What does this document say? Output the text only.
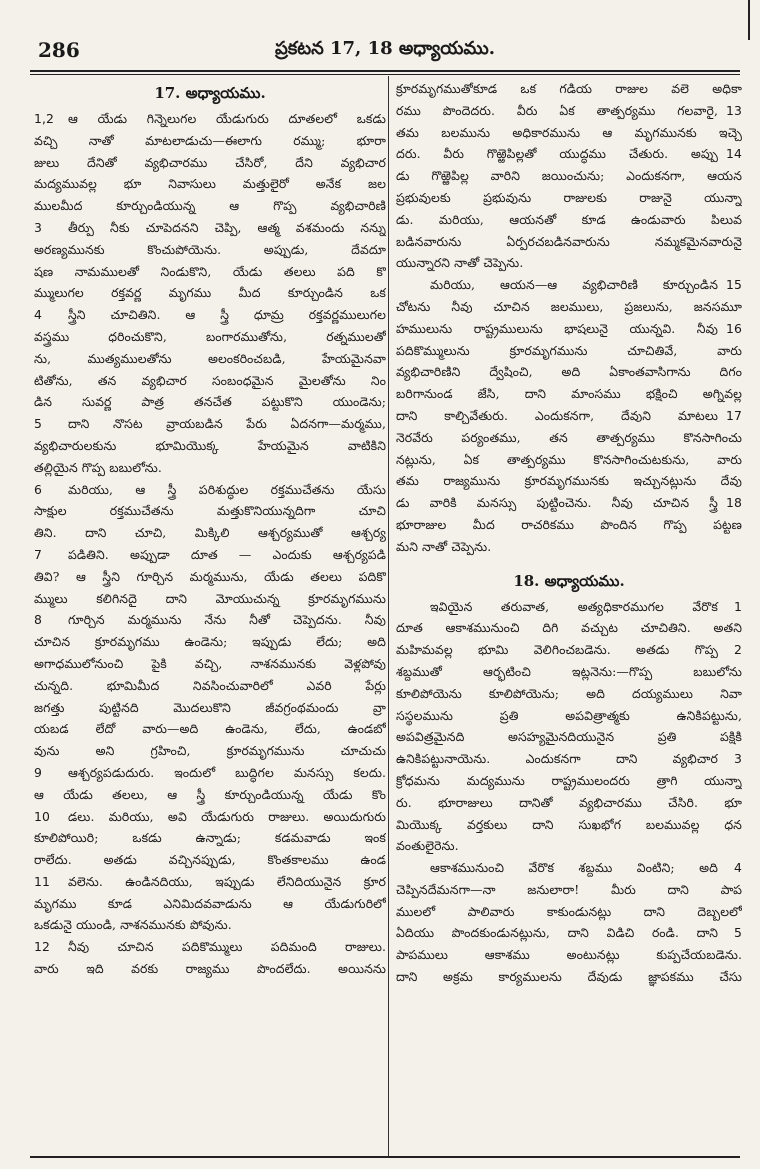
286	ప్రకటన 17, 18 అధ్యాయము.
17. అధ్యాయము.
1,2 ఆ యేడు గిన్నెలుగల యేడుగురు దూతలలో ఒకడు
వచ్చి నాతో మాటలాడుచు—ఈలాగు రమ్ము; భూరా
జులు దేనితో వ్యభిచారము చేసిరో, దేని వ్యభిచార
మద్యమువల్ల భూ నివాసులు మత్తులైరో అనేక జల
ములమీద కూర్చుండియున్న ఆ గొప్ప వ్యభిచారిణి
3 తీర్పు నీకు చూపెదనని చెప్పి, ఆత్మ వశమందు నన్ను
అరణ్యమునకు కొంచుపోయెను. అప్పుడు, దేవదూ
షణ నామములతో నిండుకొని, యేడు తలలు పది కొ
మ్ములుగల రక్తవర్ణ మృగము మీద కూర్చుండిన ఒక
4 స్త్రీని చూచితిని. ఆ స్త్రీ ధూమ్ర రక్తవర్ణములుగల
వస్త్రము ధరించుకొని, బంగారముతోను, రత్నములతో
ను, ముత్యములతోను అలంకరించబడి, హేయమైనవా
టితోను, తన వ్యభిచార సంబంధమైన మైలతోను నిం
డిన సువర్ణ పాత్ర తనచేత పట్టుకొని యుండెను;
5 దాని నొసట వ్రాయబడిన పేరు ఏదనగా—మర్మము,
వ్యభిచారులకును భూమియొక్క హేయమైన వాటికిని
తల్లియైన గొప్ప బబులోను.
6 మరియు, ఆ స్త్రీ పరిశుద్ధుల రక్తముచేతను యేసు
సాక్షుల రక్తముచేతను మత్తుకొనియున్నదిగా చూచి
తిని. దాని చూచి, మిక్కిలి ఆశ్చర్యముతో ఆశ్చర్య
7 పడితిని. అప్పుడా దూత — ఎందుకు ఆశ్చర్యపడి
తివి? ఆ స్త్రీని గూర్చిన మర్మమును, యేడు తలలు పదికొ
మ్ములు కలిగినదై దాని మోయుచున్న క్రూరమృగమును
8 గూర్చిన మర్మమును నేను నీతో చెప్పెదను. నీవు
చూచిన క్రూరమృగము ఉండెను; ఇప్పుడు లేదు; అది
అగాధములోనుంచి పైకి వచ్చి, నాశనమునకు వెళ్లపోవు
చున్నది. భూమిమీద నివసించువారిలో ఎవరి పేర్లు
జగత్తు పుట్టినది మొదలుకొని జీవగ్రంథమందు వ్రా
యబడ లేదో వారు—అది ఉండెను, లేదు, ఉండబో
వును అని గ్రహించి, క్రూరమృగమును చూచుచు
9 ఆశ్చర్యపడుదురు. ఇందులో బుద్ధిగల మనస్సు కలదు.
ఆ యేడు తలలు, ఆ స్త్రీ కూర్చుండియున్న యేడు కొం
10 డలు. మరియు, అవి యేడుగురు రాజులు. అయిదుగురు
కూలిపోయిరి; ఒకడు ఉన్నాడు; కడమవాడు ఇంక
రాలేదు. అతడు వచ్చినప్పుడు, కొంతకాలము ఉండ
11 వలెను. ఉండినదియు, ఇప్పుడు లేనిదియునైన క్రూర
మృగము కూడ ఎనిమిదవవాడును ఆ యేడుగురిలో
ఒకడునై యుండి, నాశనమునకు పోవును.
12 నీవు చూచిన పదికొమ్ములు పదిమంది రాజులు.
వారు ఇది వరకు రాజ్యము పొందలేదు. అయినను
క్రూరమృగముతోకూడ ఒక గడియ రాజుల వలె అధికా
13
రము పొందెదరు. వీరు ఏక తాత్పర్యము గలవారై,
తమ బలమును అధికారమును ఆ మృగమునకు ఇచ్చె
14
దరు. వీరు గొఱ్ఱెపిల్లతో యుద్ధము చేతురు. అప్పు
డు గొఱ్ఱెపిల్ల వారిని జయించును; ఎందుకనగా, ఆయన
ప్రభువులకు ప్రభువును రాజులకు రాజునై యున్నా
డు. మరియు, ఆయనతో కూడ ఉండువారు పిలువ
బడినవారును ఏర్పరచబడినవారును నమ్మకమైనవారునై
యున్నారని నాతో చెప్పెను.
15
మరియు, ఆయన—ఆ వ్యభిచారిణి కూర్చుండిన
చోటను నీవు చూచిన జలములు, ప్రజలును, జనసమూ
16
హములును రాష్ట్రములును భాషలునై యున్నవి. నీవు
పదికొమ్ములును క్రూరమృగమును చూచితివే, వారు
వ్యభిచారిణిని ద్వేషించి, అది ఏకాంతవాసిగాను దిగం
బరిగానుండ జేసి, దాని మాంసము భక్షించి అగ్నివల్ల
17
దాని కాల్చివేతురు. ఎందుకనగా, దేవుని మాటలు
నెరవేరు పర్యంతము, తన తాత్పర్యము కొనసాగించు
నట్లును, ఏక తాత్పర్యము కొనసాగించుటకును, వారు
తమ రాజ్యమును క్రూరమృగమునకు ఇచ్చునట్లును దేవు
18
డు వారికి మనస్సు పుట్టించెను. నీవు చూచిన స్త్రీ
భూరాజుల మీద రాచరికము పొందిన గొప్ప పట్టణ
మని నాతో చెప్పెను.
18. అధ్యాయము.
1
ఇవియైన తరువాత, అత్యధికారముగల వేరొక
దూత ఆకాశమునుంచి దిగి వచ్చుట చూచితిని. అతని
2
మహిమవల్ల భూమి వెలిగించబడెను. అతడు గొప్ప
శబ్దముతో ఆర్భటించి ఇట్లనెను:—గొప్ప బబులోను
కూలిపోయెను కూలిపోయెను; అది దయ్యములు నివా
సస్థలమును ప్రతి అపవిత్రాత్మకు ఉనికిపట్టును,
అపవిత్రమైనది అసహ్యమైనదియునైన ప్రతి పక్షికి
3
ఉనికిపట్టునాయెను. ఎందుకనగా దాని వ్యభిచార
క్రోధమను మద్యమును రాష్ట్రములందరు త్రాగి యున్నా
రు. భూరాజులు దానితో వ్యభిచారము చేసిరి. భూ
మియొక్క వర్తకులు దాని సుఖభోగ బలమువల్ల ధన
వంతులైరెను.
4
ఆకాశమునుంచి వేరొక శబ్దము వింటిని; అది
చెప్పినదేమనగా—నా జనులారా! మీరు దాని పాప
ములలో పాలివారు కాకుండునట్లు దాని దెబ్బలలో
5
ఏదియు పొందకుండునట్లును, దాని విడిచి రండి. దాని
పాపములు ఆకాశము అంటునట్లు కుప్పచేయబడెను.
దాని అక్రమ కార్యములను దేవుడు జ్ఞాపకము చేసు
